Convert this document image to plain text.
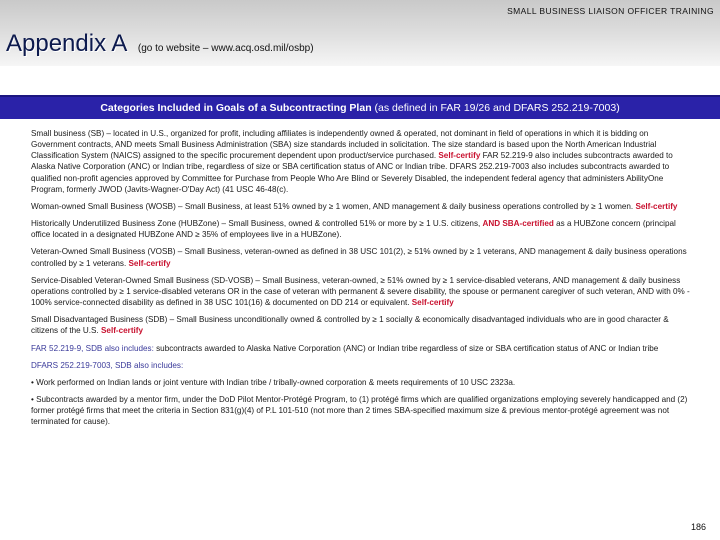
SMALL BUSINESS LIAISON OFFICER TRAINING
Appendix A (go to website – www.acq.osd.mil/osbp)
Categories Included in Goals of a Subcontracting Plan
(as defined in FAR 19/26 and DFARS 252.219-7003)

Small business (SB) – located in U.S., organized for profit, including affiliates is independently owned & operated, not dominant in field of operations in which it is bidding on Government contracts, AND meets Small Business Administration (SBA) size standards included in solicitation. The size standard is based upon the North American Industrial Classification System (NAICS) assigned to the specific procurement dependent upon product/service purchased. Self-certify FAR 52.219-9 also includes subcontracts awarded to Alaska Native Corporation (ANC) or Indian tribe, regardless of size or SBA certification status of ANC or Indian tribe. DFARS 252.219-7003 also includes subcontracts awarded to qualified non-profit agencies approved by Committee for Purchase from People Who Are Blind or Severely Disabled, the independent federal agency that administers AbilityOne Program, formerly JWOD (Javits-Wagner-O'Day Act) (41 USC 46-48(c).

Woman-owned Small Business (WOSB) – Small Business, at least 51% owned by ≥ 1 women, AND management & daily business operations controlled by ≥ 1 women. Self-certify

Historically Underutilized Business Zone (HUBZone) – Small Business, owned & controlled 51% or more by ≥ 1 U.S. citizens, AND SBA-certified as a HUBZone concern (principal office located in a designated HUBZone AND ≥ 35% of employees live in a HUBZone).

Veteran-Owned Small Business (VOSB) – Small Business, veteran-owned as defined in 38 USC 101(2), ≥ 51% owned by ≥ 1 veterans, AND management & daily business operations controlled by ≥ 1 veterans. Self-certify

Service-Disabled Veteran-Owned Small Business (SD-VOSB) – Small Business, veteran-owned, ≥ 51% owned by ≥ 1 service-disabled veterans, AND management & daily business operations controlled by ≥ 1 service-disabled veterans OR in the case of veteran with permanent & severe disability, the spouse or permanent caregiver of such veteran, AND with 0% - 100% service-connected disability as defined in 38 USC 101(16) & documented on DD 214 or equivalent. Self-certify

Small Disadvantaged Business (SDB) – Small Business unconditionally owned & controlled by ≥ 1 socially & economically disadvantaged individuals who are in good character & citizens of the U.S. Self-certify

FAR 52.219-9, SDB also includes: subcontracts awarded to Alaska Native Corporation (ANC) or Indian tribe regardless of size or SBA certification status of ANC or Indian tribe

DFARS 252.219-7003, SDB also includes:

• Work performed on Indian lands or joint venture with Indian tribe / tribally-owned corporation & meets requirements of 10 USC 2323a.

• Subcontracts awarded by a mentor firm, under the DoD Pilot Mentor-Protégé Program, to (1) protégé firms which are qualified organizations employing severely handicapped and (2) former protégé firms that meet the criteria in Section 831(g)(4) of P.L 101-510 (not more than 2 times SBA-specified maximum size & previous mentor-protégé agreement was not terminated for cause).

186
